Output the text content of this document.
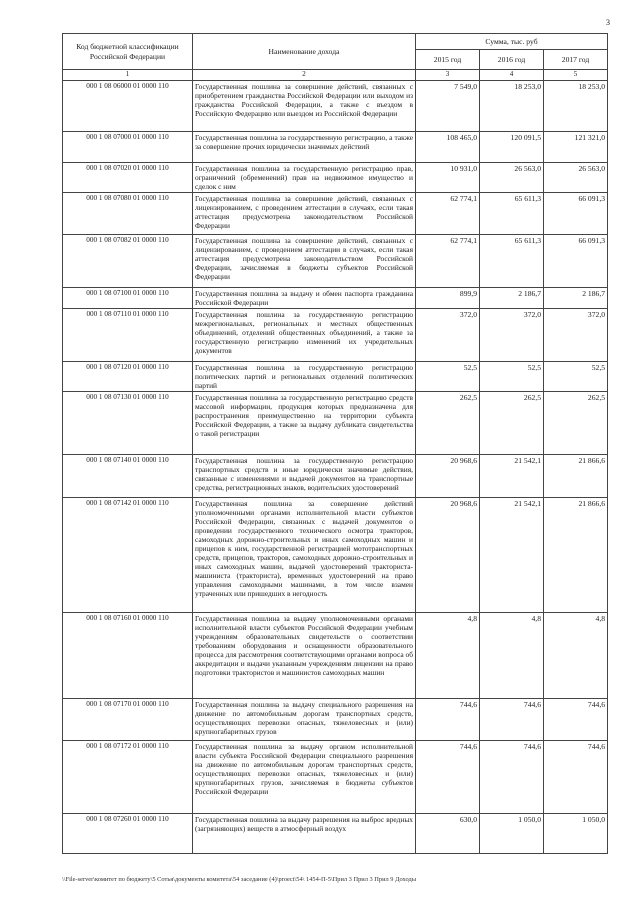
3
Код бюджетной классификации Российской Федерации	Наименование дохода	Сумма, тыс. руб		
		2015 год	2016 год	2017 год
1	2	3	4	5
000 1 08 06000 01 0000 110	Государственная пошлина за совершение действий, связанных с приобретением гражданства Российской Федерации или выходом из гражданства Российской Федерации, а также с въездом в Российскую Федерацию или выездом из Российской Федерации	7 549,0	18 253,0	18 253,0
000 1 08 07000 01 0000 110	Государственная пошлина за государственную регистрацию, а также за совершение прочих юридически значимых действий	108 465,0	120 091,5	121 321,0
000 1 08 07020 01 0000 110	Государственная пошлина за государственную регистрацию прав, ограничений (обременений) прав на недвижимое имущество и сделок с ним	10 931,0	26 563,0	26 563,0
000 1 08 07080 01 0000 110	Государственная пошлина за совершение действий, связанных с лицензированием, с проведением аттестации в случаях, если такая аттестация предусмотрена законодательством Российской Федерации	62 774,1	65 611,3	66 091,3
000 1 08 07082 01 0000 110	Государственная пошлина за совершение действий, связанных с лицензированием, с проведением аттестации в случаях, если такая аттестация предусмотрена законодательством Российской Федерации, зачисляемая в бюджеты субъектов Российской Федерации	62 774,1	65 611,3	66 091,3
000 1 08 07100 01 0000 110	Государственная пошлина за выдачу и обмен паспорта гражданина Российской Федерации	899,9	2 186,7	2 186,7
000 1 08 07110 01 0000 110	Государственная пошлина за государственную регистрацию межрегиональных, региональных и местных общественных объединений, отделений общественных объединений, а также за государственную регистрацию изменений их учредительных документов	372,0	372,0	372,0
000 1 08 07120 01 0000 110	Государственная пошлина за государственную регистрацию политических партий и региональных отделений политических партий	52,5	52,5	52,5
000 1 08 07130 01 0000 110	Государственная пошлина за государственную регистрацию средств массовой информации, продукция которых предназначена для распространения преимущественно на территории субъекта Российской Федерации, а также за выдачу дубликата свидетельства о такой регистрации	262,5	262,5	262,5
000 1 08 07140 01 0000 110	Государственная пошлина за государственную регистрацию транспортных средств и иные юридически значимые действия, связанные с изменениями и выдачей документов на транспортные средства, регистрационных знаков, водительских удостоверений	20 968,6	21 542,1	21 866,6
000 1 08 07142 01 0000 110	Государственная пошлина за совершение действий уполномоченными органами исполнительной власти субъектов Российской Федерации, связанных с выдачей документов о проведении государственного технического осмотра тракторов, самоходных дорожно-строительных и иных самоходных машин и прицепов к ним, государственной регистрацией мототранспортных средств, прицепов, тракторов, самоходных дорожно-строительных и иных самоходных машин, выдачей удостоверений тракториста-машиниста (тракториста), временных удостоверений на право управления самоходными машинами, в том числе взамен утраченных или пришедших в негодность	20 968,6	21 542,1	21 866,6
000 1 08 07160 01 0000 110	Государственная пошлина за выдачу уполномоченными органами исполнительной власти субъектов Российской Федерации учебным учреждениям образовательных свидетельств о соответствии требованиям оборудования и оснащенности образовательного процесса для рассмотрения соответствующими органами вопроса об аккредитации и выдачи указанным учреждениям лицензии на право подготовки трактористов и машинистов самоходных машин	4,8	4,8	4,8
000 1 08 07170 01 0000 110	Государственная пошлина за выдачу специального разрешения на движение по автомобильным дорогам транспортных средств, осуществляющих перевозки опасных, тяжеловесных и (или) крупногабаритных грузов	744,6	744,6	744,6
000 1 08 07172 01 0000 110	Государственная пошлина за выдачу органом исполнительной власти субъекта Российской Федерации специального разрешения на движение по автомобильным дорогам транспортных средств, осуществляющих перевозки опасных, тяжеловесных и (или) крупногабаритных грузов, зачисляемая в бюджеты субъектов Российской Федерации	744,6	744,6	744,6
000 1 08 07260 01 0000 110	Государственная пошлина за выдачу разрешения на выброс вредных (загрязняющих) веществ в атмосферный воздух	630,0	1 050,0	1 050,0
\\File-server\комитет по бюджету\5 Сотья\документы комитета\54 заседание (4)\proect\54\ 1454-П-5\Прил 3 Прил 3 Прил 9 Доходы
